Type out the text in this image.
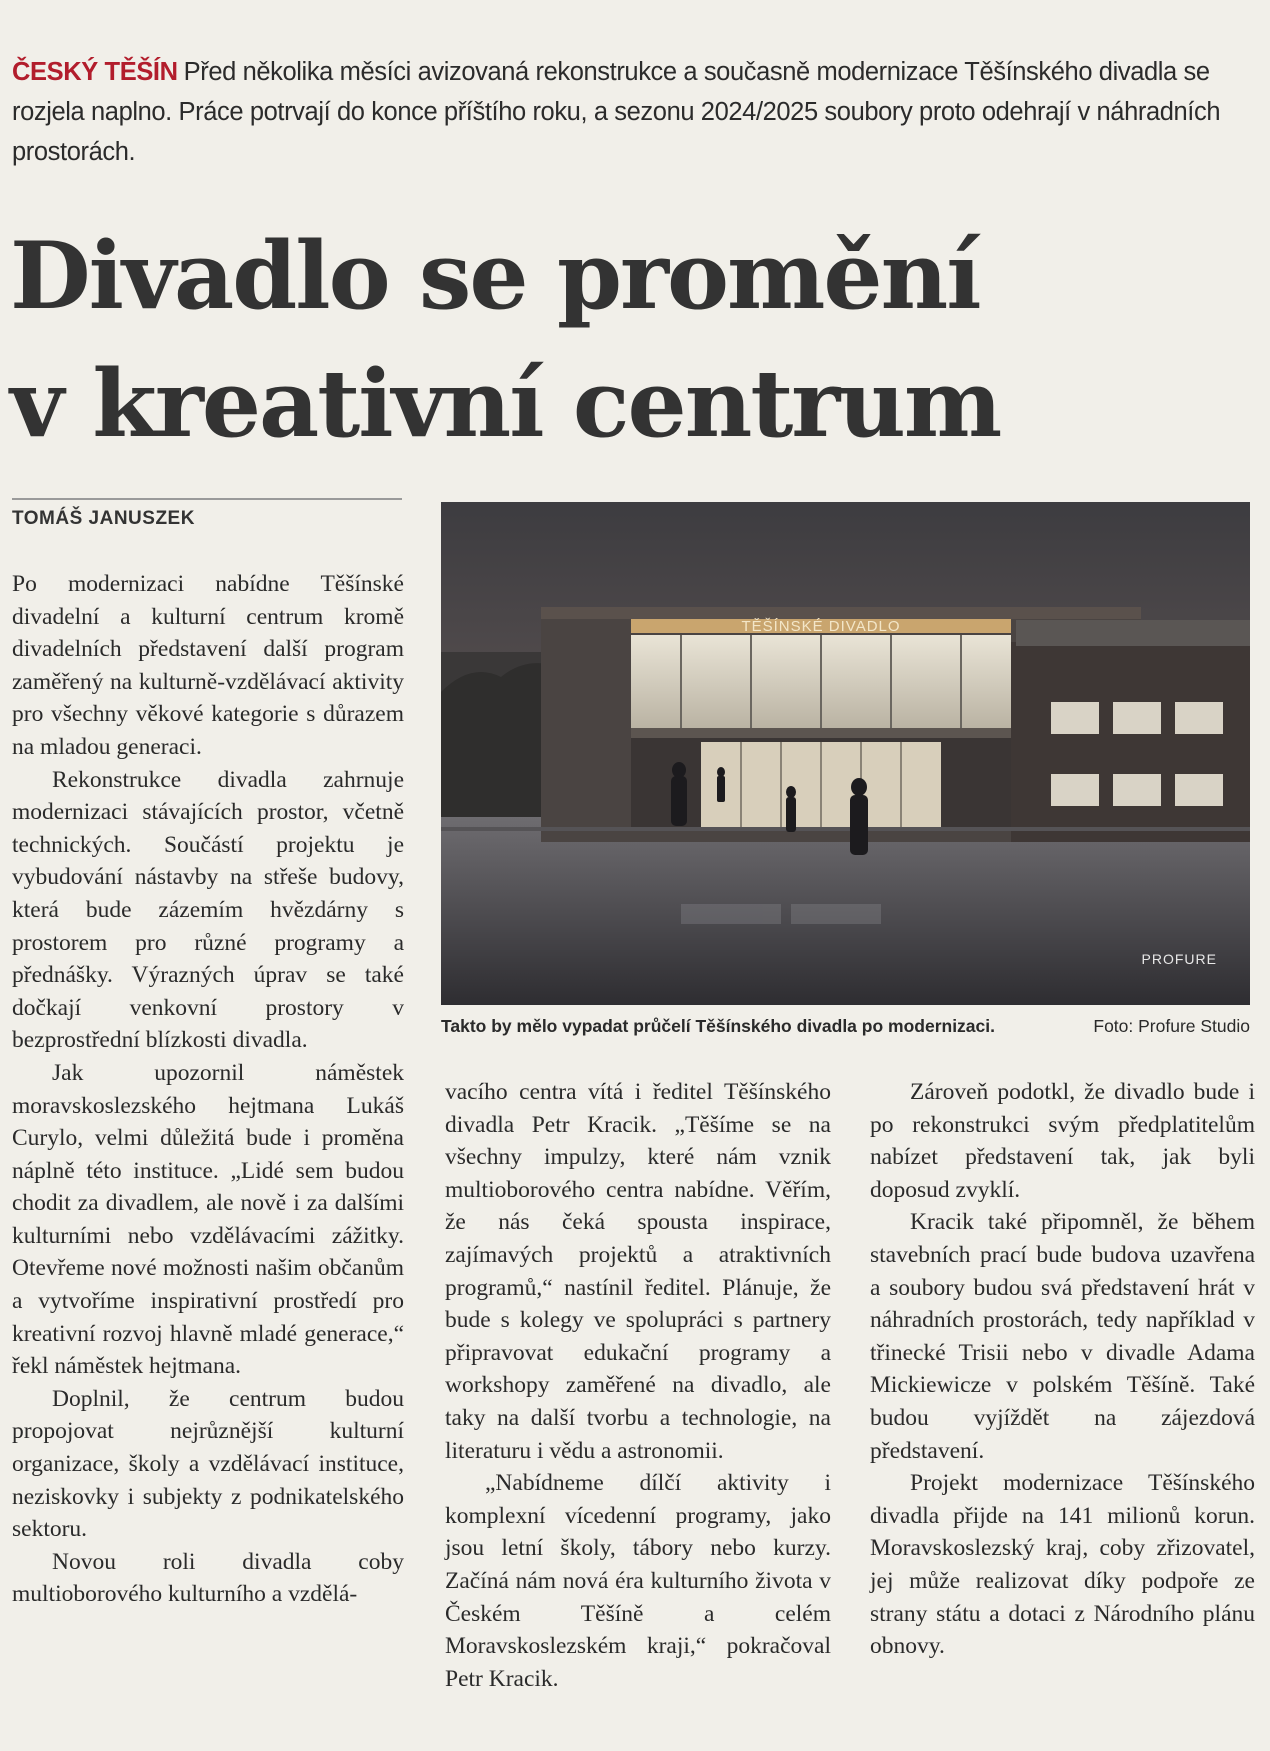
ČESKÝ TĚŠÍN Před několika měsíci avizovaná rekonstrukce a současně modernizace Těšínského divadla se rozjela naplno. Práce potrvají do konce příštího roku, a sezonu 2024/2025 soubory proto odehrají v náhradních prostorách.
Divadlo se promění
v kreativní centrum
TOMÁŠ JANUSZEK

Po modernizaci nabídne Těšínské divadelní a kulturní centrum kromě divadelních představení další program zaměřený na kulturně-vzdělávací aktivity pro všechny věkové kategorie s důrazem na mladou generaci.

Rekonstrukce divadla zahrnuje modernizaci stávajících prostor, včetně technických. Součástí projektu je vybudování nástavby na střeše budovy, která bude zázemím hvězdárny s prostorem pro různé programy a přednášky. Výrazných úprav se také dočkají venkovní prostory v bezprostřední blízkosti divadla.

Jak upozornil náměstek moravskoslezského hejtmana Lukáš Curylo, velmi důležitá bude i proměna náplně této instituce. „Lidé sem budou chodit za divadlem, ale nově i za dalšími kulturními nebo vzdělávacími zážitky. Otevřeme nové možnosti našim občanům a vytvoříme inspirativní prostředí pro kreativní rozvoj hlavně mladé generace,“ řekl náměstek hejtmana.

Doplnil, že centrum budou propojovat nejrůznější kulturní organizace, školy a vzdělávací instituce, neziskovky i subjekty z podnikatelského sektoru.

Novou roli divadla coby multioborového kulturního a vzdělá-

TĚŠÍNSKÉ DIVADLO
PROFURE
Takto by mělo vypadat průčelí Těšínského divadla po modernizaci.	Foto: Profure Studio

vacího centra vítá i ředitel Těšínského divadla Petr Kracik. „Těšíme se na všechny impulzy, které nám vznik multioborového centra nabídne. Věřím, že nás čeká spousta inspirace, zajímavých projektů a atraktivních programů,“ nastínil ředitel. Plánuje, že bude s kolegy ve spolupráci s partnery připravovat edukační programy a workshopy zaměřené na divadlo, ale taky na další tvorbu a technologie, na literaturu i vědu a astronomii.

„Nabídneme dílčí aktivity i komplexní vícedenní programy, jako jsou letní školy, tábory nebo kurzy. Začíná nám nová éra kulturního života v Českém Těšíně a celém Moravskoslezském kraji,“ pokračoval Petr Kracik.

Zároveň podotkl, že divadlo bude i po rekonstrukci svým předplatitelům nabízet představení tak, jak byli doposud zvyklí.

Kracik také připomněl, že během stavebních prací bude budova uzavřena a soubory budou svá představení hrát v náhradních prostorách, tedy například v třinecké Trisii nebo v divadle Adama Mickiewicze v polském Těšíně. Také budou vyjíždět na zájezdová představení.

Projekt modernizace Těšínského divadla přijde na 141 milionů korun. Moravskoslezský kraj, coby zřizovatel, jej může realizovat díky podpoře ze strany státu a dotaci z Národního plánu obnovy.
